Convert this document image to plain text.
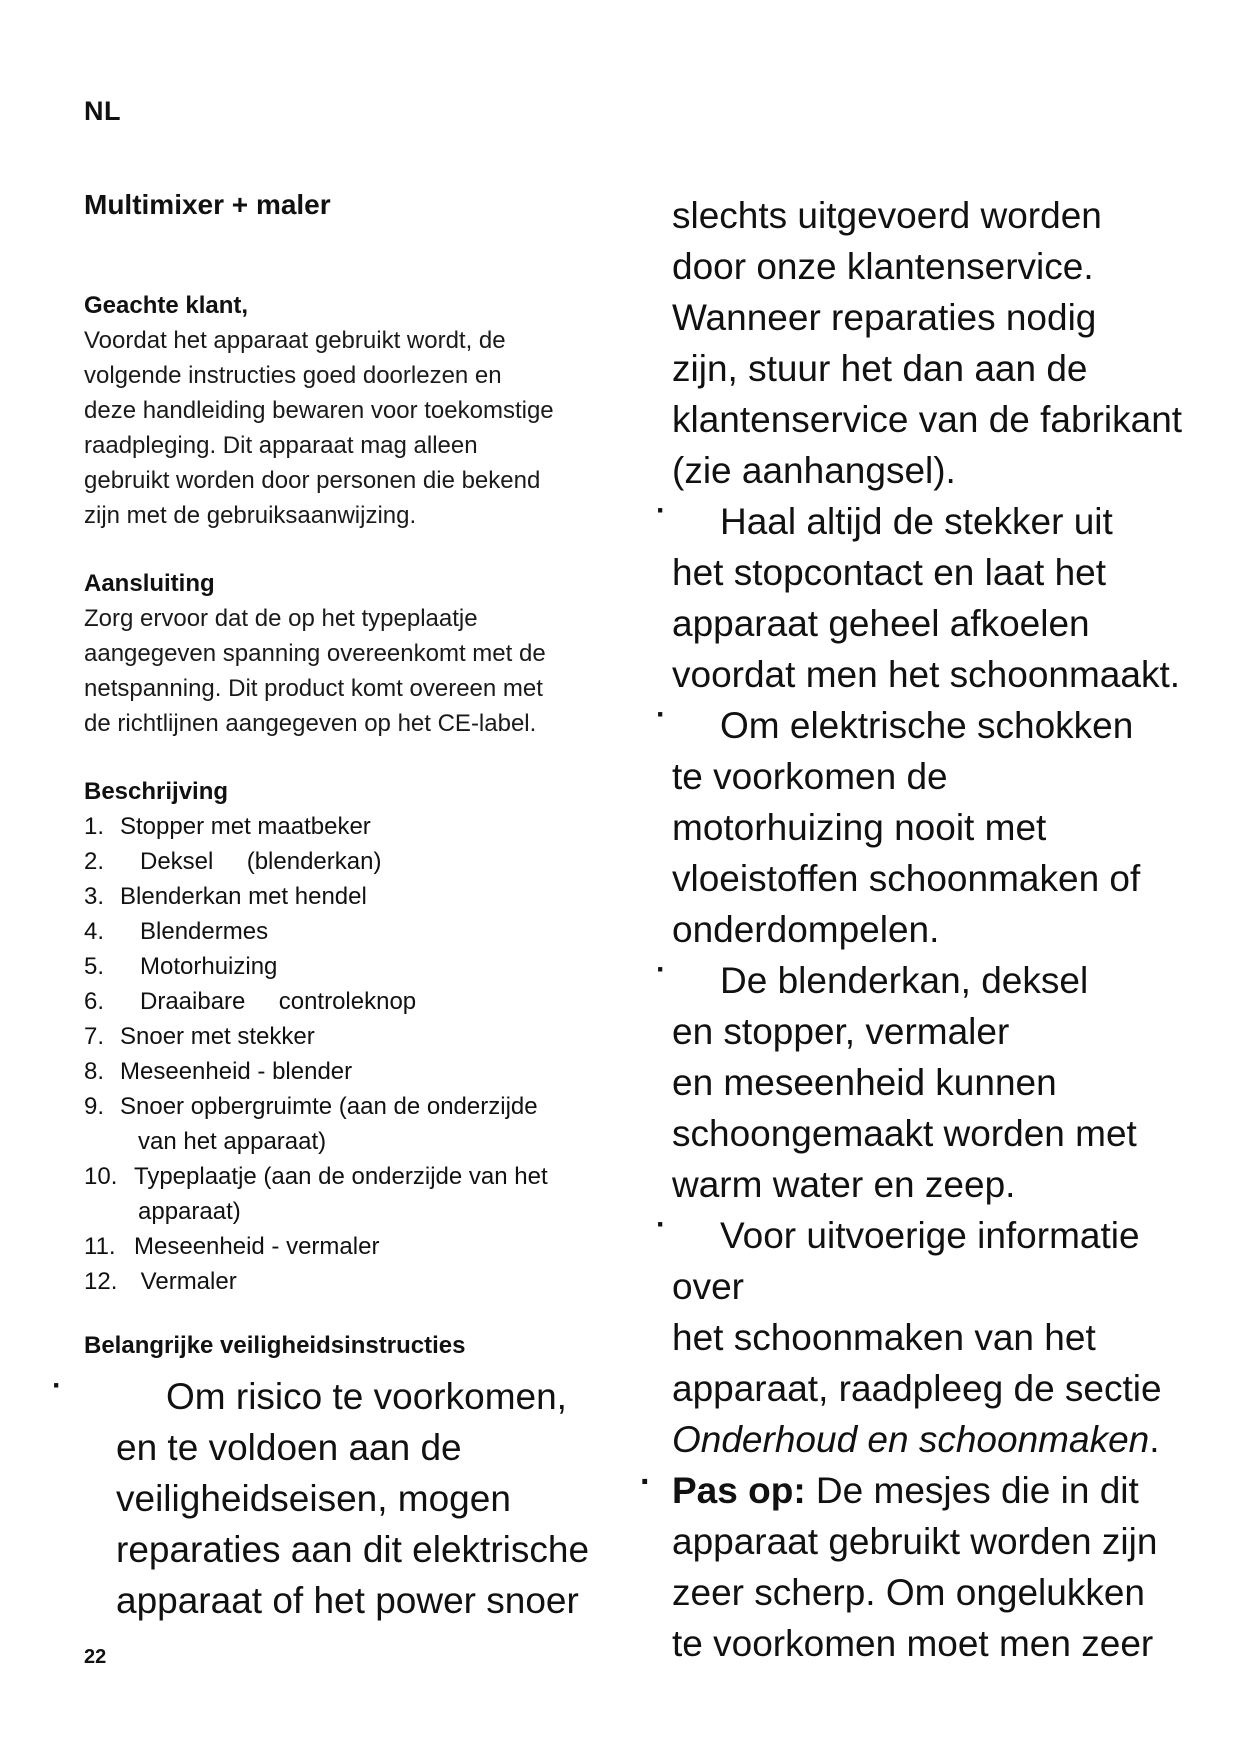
NL

Multimixer + maler

Geachte klant,

Voordat het apparaat gebruikt wordt, de

volgende instructies goed doorlezen en

deze handleiding bewaren voor toekomstige

raadpleging. Dit apparaat mag alleen

gebruikt worden door personen die bekend

zijn met de gebruiksaanwijzing.

Aansluiting

Zorg ervoor dat de op het typeplaatje

aangegeven spanning overeenkomt met de

netspanning. Dit product komt overeen met

de richtlijnen aangegeven op het CE-label.

Beschrijving

1. Stopper met maatbeker
2. Deksel     (blenderkan)
3. Blenderkan met hendel
4. Blendermes
5. Motorhuizing
6. Draaibare     controleknop
7. Snoer met stekker
8. Meseenheid - blender
9. Snoer opbergruimte (aan de onderzijde
van het apparaat)
10. Typeplaatje (aan de onderzijde van het
apparaat)
11. Meseenheid - vermaler
12. Vermaler

Belangrijke veiligheidsinstructies

·	Om risico te voorkomen,

en te voldoen aan de

veiligheidseisen, mogen

reparaties aan dit elektrische

apparaat of het power snoer

slechts uitgevoerd worden

door onze klantenservice.

Wanneer reparaties nodig

zijn, stuur het dan aan de

klantenservice van de fabrikant

(zie aanhangsel).

·	Haal altijd de stekker uit

het stopcontact en laat het

apparaat geheel afkoelen

voordat men het schoonmaakt.

·	Om elektrische schokken

te voorkomen de

motorhuizing nooit met

vloeistoffen schoonmaken of

onderdompelen.

·	De blenderkan, deksel

en stopper, vermaler

en meseenheid kunnen

schoongemaakt worden met

warm water en zeep.

·	Voor uitvoerige informatie over

het schoonmaken van het

apparaat, raadpleeg de sectie

Onderhoud en schoonmaken.

· Pas op: De mesjes die in dit

apparaat gebruikt worden zijn

zeer scherp. Om ongelukken

te voorkomen moet men zeer

22
